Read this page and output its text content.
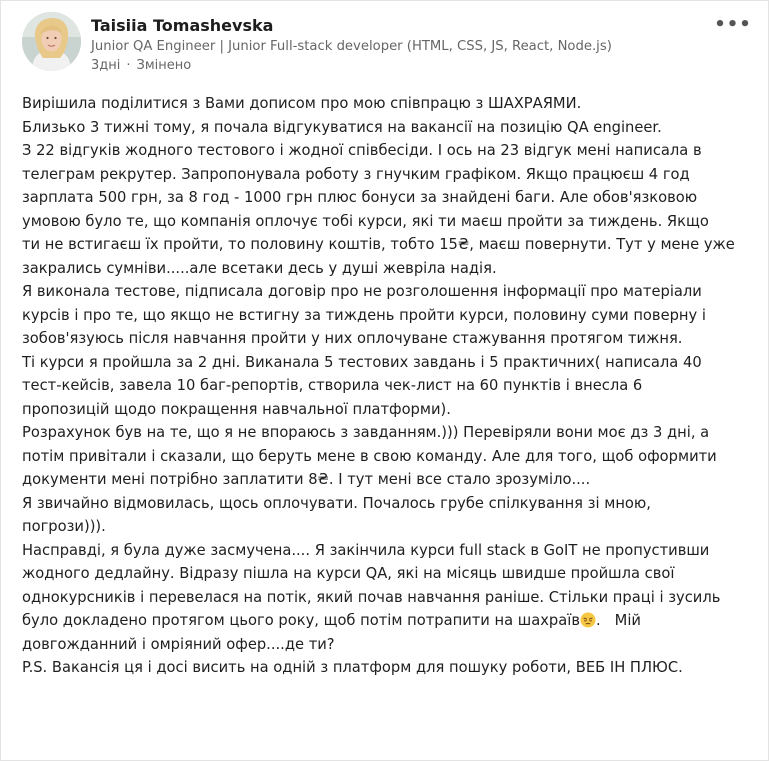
Taisiia Tomashevska
Junior QA Engineer | Junior Full-stack developer (HTML, CSS, JS, React, Node.js)
3дні · Змінено
•••
Вирішила поділитися з Вами дописом про мою співпрацю з ШАХРАЯМИ.
Близько 3 тижні тому, я почала відгукуватися на вакансії на позицію QA engineer.
З 22 відгуків жодного тестового і жодної співбесіди. І ось на 23 відгук мені написала в
телеграм рекрутер. Запропонувала роботу з гнучким графіком. Якщо працюєш 4 год
зарплата 500 грн, за 8 год - 1000 грн плюс бонуси за знайдені баги. Але обов'язковою
умовою було те, що компанія оплочує тобі курси, які ти маєш пройти за тиждень. Якщо
ти не встигаєш їх пройти, то половину коштів, тобто 15₴, маєш повернути. Тут у мене уже
закрались сумніви.....але всетаки десь у душі жевріла надія.
Я виконала тестове, підписала договір про не розголошення інформації про матеріали
курсів і про те, що якщо не встигну за тиждень пройти курси, половину суми поверну і
зобов'язуюсь після навчання пройти у них оплочуване стажування протягом тижня.
Ті курси я пройшла за 2 дні. Виканала 5 тестових завдань і 5 практичних( написала 40
тест-кейсів, завела 10 баг-репортів, створила чек-лист на 60 пунктів і внесла 6
пропозицій щодо покращення навчальної платформи).
Розрахунок був на те, що я не впораюсь з завданням.))) Перевіряли вони моє дз 3 дні, а
потім привітали і сказали, що беруть мене в свою команду. Але для того, щоб оформити
документи мені потрібно заплатити 8₴. І тут мені все стало зрозуміло....
Я звичайно відмовилась, щось оплочувати. Почалось грубе спілкування зі мною,
погрози))).
Насправді, я була дуже засмучена.... Я закінчила курси full stack в GoIT не пропустивши
жодного дедлайну. Відразу пішла на курси QA, які на місяць швидше пройшла свої
однокурсників і перевелася на потік, який почав навчання раніше. Стільки праці і зусиль
було докладено протягом цього року, щоб потім потрапити на шахраїв .   Мій
довгожданний і омріяний офер....де ти?
P.S. Вакансія ця і досі висить на одній з платформ для пошуку роботи, ВЕБ ІН ПЛЮС.
